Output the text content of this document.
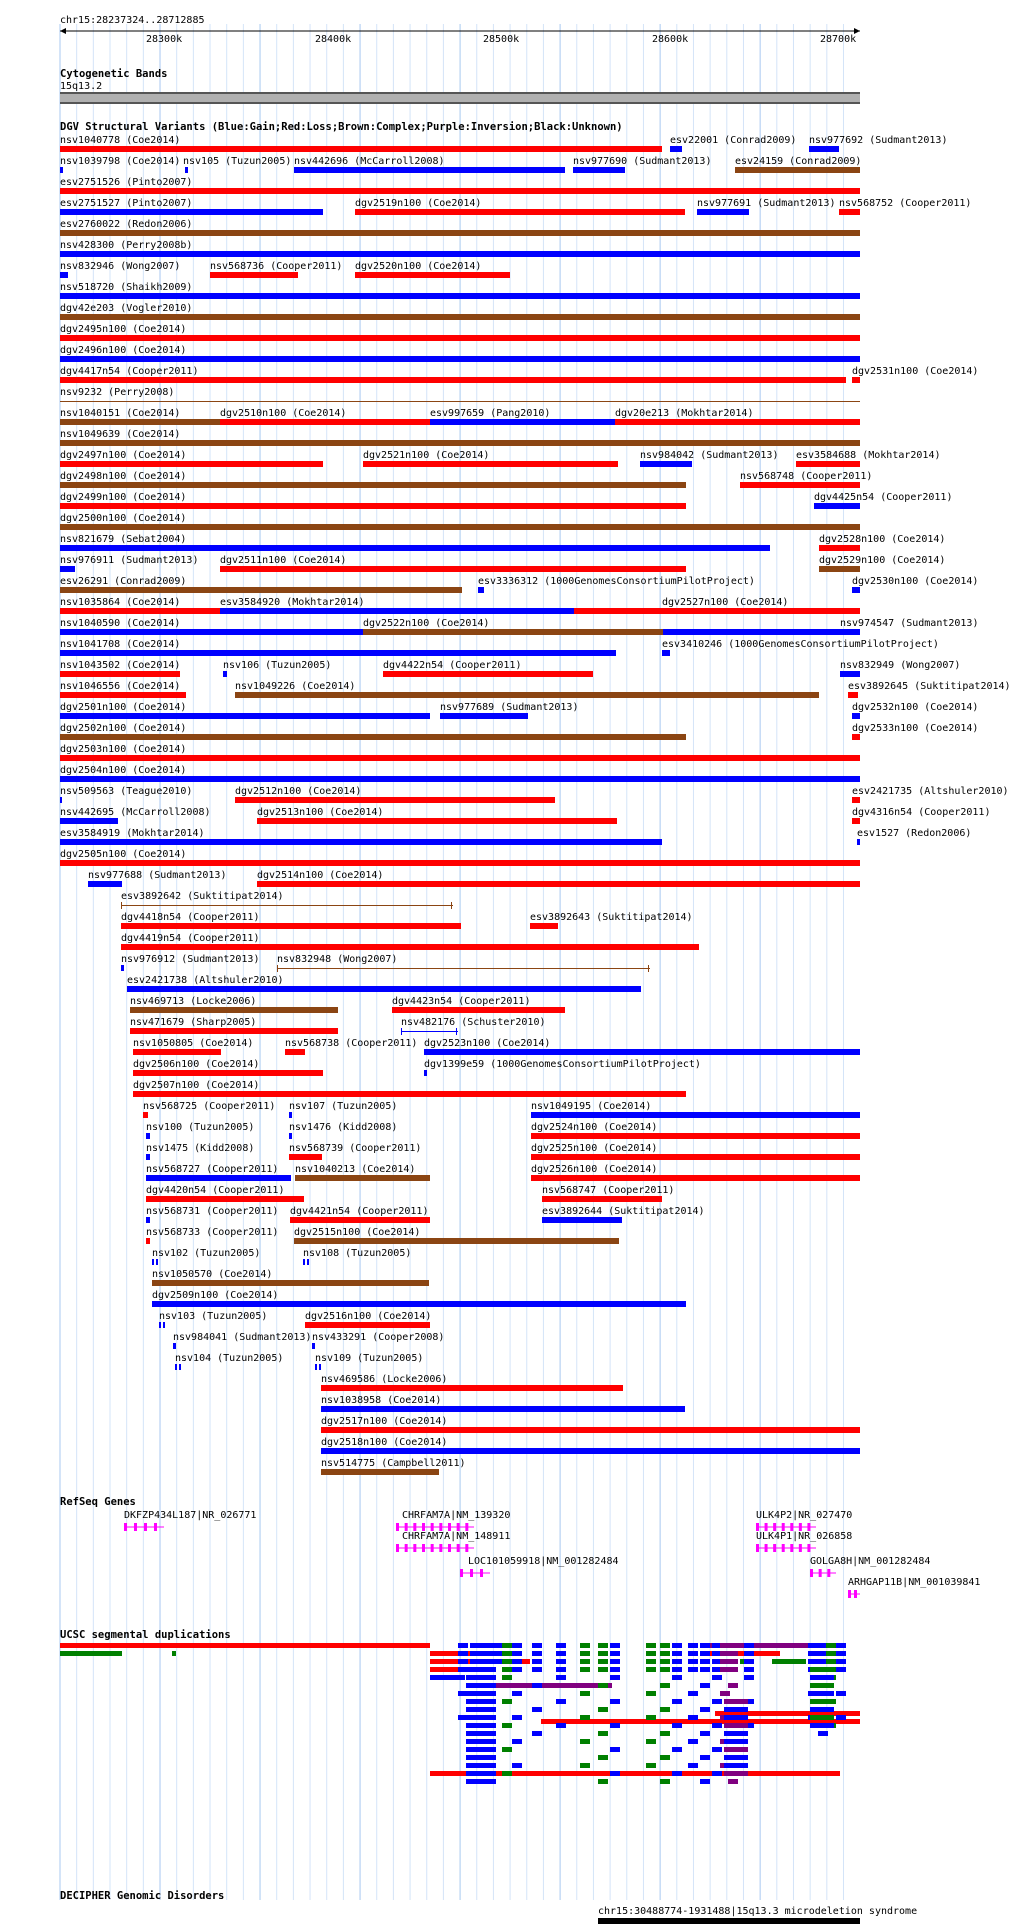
chr15:28237324..28712885
28300k	28400k	28500k	28600k	28700k
Cytogenetic Bands
15q13.2
DGV Structural Variants (Blue:Gain;Red:Loss;Brown:Complex;Purple:Inversion;Black:Unknown)
nsv1040778 (Coe2014)	esv22001 (Conrad2009) nsv977692 (Sudmant2013)
nsv1039798 (Coe2014) nsv105 (Tuzun2005) nsv442696 (McCarroll2008)	nsv977690 (Sudmant2013) esv24159 (Conrad2009)
esv2751526 (Pinto2007)
esv2751527 (Pinto2007)	dgv2519n100 (Coe2014)	nsv977691 (Sudmant2013) nsv568752 (Cooper2011)
esv2760022 (Redon2006)
nsv428300 (Perry2008b)
nsv832946 (Wong2007)	nsv568736 (Cooper2011) dgv2520n100 (Coe2014)
nsv518720 (Shaikh2009)
dgv42e203 (Vogler2010)
dgv2495n100 (Coe2014)
dgv2496n100 (Coe2014)
dgv4417n54 (Cooper2011)	dgv2531n100 (Coe2014)
nsv9232 (Perry2008)
nsv1040151 (Coe2014)	dgv2510n100 (Coe2014)	esv997659 (Pang2010)	dgv20e213 (Mokhtar2014)
nsv1049639 (Coe2014)
dgv2497n100 (Coe2014)	dgv2521n100 (Coe2014)	nsv984042 (Sudmant2013) esv3584688 (Mokhtar2014)
dgv2498n100 (Coe2014)	nsv568748 (Cooper2011)
dgv2499n100 (Coe2014)	dgv4425n54 (Cooper2011)
dgv2500n100 (Coe2014)
nsv821679 (Sebat2004)	dgv2528n100 (Coe2014)
nsv976911 (Sudmant2013) dgv2511n100 (Coe2014)	dgv2529n100 (Coe2014)
esv26291 (Conrad2009)	esv3336312 (1000GenomesConsortiumPilotProject)	dgv2530n100 (Coe2014)
nsv1035864 (Coe2014)	esv3584920 (Mokhtar2014)	dgv2527n100 (Coe2014)
nsv1040590 (Coe2014)	dgv2522n100 (Coe2014)	nsv974547 (Sudmant2013)
nsv1041708 (Coe2014)	esv3410246 (1000GenomesConsortiumPilotProject)
nsv1043502 (Coe2014)	nsv106 (Tuzun2005)	dgv4422n54 (Cooper2011)	nsv832949 (Wong2007)
nsv1046556 (Coe2014)	nsv1049226 (Coe2014)	esv3892645 (Suktitipat2014)
dgv2501n100 (Coe2014)	nsv977689 (Sudmant2013)	dgv2532n100 (Coe2014)
dgv2502n100 (Coe2014)	dgv2533n100 (Coe2014)
dgv2503n100 (Coe2014)
dgv2504n100 (Coe2014)
nsv509563 (Teague2010)	dgv2512n100 (Coe2014)	esv2421735 (Altshuler2010)
nsv442695 (McCarroll2008)	dgv2513n100 (Coe2014)	dgv4316n54 (Cooper2011)
esv3584919 (Mokhtar2014)	esv1527 (Redon2006)
dgv2505n100 (Coe2014)
nsv977688 (Sudmant2013)	dgv2514n100 (Coe2014)
esv3892642 (Suktitipat2014)
dgv4418n54 (Cooper2011)	esv3892643 (Suktitipat2014)
dgv4419n54 (Cooper2011)
nsv976912 (Sudmant2013) nsv832948 (Wong2007)
esv2421738 (Altshuler2010)
nsv469713 (Locke2006)	dgv4423n54 (Cooper2011)
nsv471679 (Sharp2005)	nsv482176 (Schuster2010)
nsv1050805 (Coe2014)	nsv568738 (Cooper2011) dgv2523n100 (Coe2014)
dgv2506n100 (Coe2014)	dgv1399e59 (1000GenomesConsortiumPilotProject)
dgv2507n100 (Coe2014)
nsv568725 (Cooper2011) nsv107 (Tuzun2005)	nsv1049195 (Coe2014)
nsv100 (Tuzun2005)	nsv1476 (Kidd2008)	dgv2524n100 (Coe2014)
nsv1475 (Kidd2008)	nsv568739 (Cooper2011)	dgv2525n100 (Coe2014)
nsv568727 (Cooper2011) nsv1040213 (Coe2014)	dgv2526n100 (Coe2014)
dgv4420n54 (Cooper2011)	nsv568747 (Cooper2011)
nsv568731 (Cooper2011) dgv4421n54 (Cooper2011)	esv3892644 (Suktitipat2014)
nsv568733 (Cooper2011) dgv2515n100 (Coe2014)
nsv102 (Tuzun2005)	nsv108 (Tuzun2005)
nsv1050570 (Coe2014)
dgv2509n100 (Coe2014)
nsv103 (Tuzun2005)	dgv2516n100 (Coe2014)
nsv984041 (Sudmant2013) nsv433291 (Cooper2008)
nsv104 (Tuzun2005)	nsv109 (Tuzun2005)
nsv469586 (Locke2006)
nsv1038958 (Coe2014)
dgv2517n100 (Coe2014)
dgv2518n100 (Coe2014)
nsv514775 (Campbell2011)
RefSeq Genes
DKFZP434L187|NR_026771	CHRFAM7A|NM_139320
CHRFAM7A|NM_148911
LOC101059918|NM_001282484
ULK4P2|NR_027470
ULK4P1|NR_026858
GOLGA8H|NM_001282484
ARHGAP11B|NM_001039841
UCSC segmental duplications
DECIPHER Genomic Disorders
chr15:30488774-1931488|15q13.3 microdeletion syndrome
